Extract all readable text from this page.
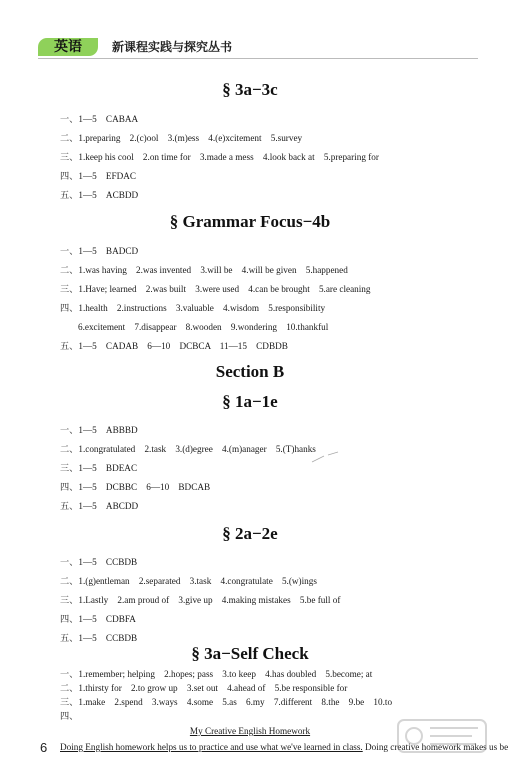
英语	新课程实践与探究丛书
§ 3a−3c
一、1—5　CABAA
二、1.preparing　2.(c)ool　3.(m)ess　4.(e)xcitement　5.survey
三、1.keep his cool　2.on time for　3.made a mess　4.look back at　5.preparing for
四、1—5　EFDAC
五、1—5　ACBDD
§ Grammar Focus−4b
一、1—5　BADCD
二、1.was having　2.was invented　3.will be　4.will be given　5.happened
三、1.Have; learned　2.was built　3.were used　4.can be brought　5.are cleaning
四、1.health　2.instructions　3.valuable　4.wisdom　5.responsibility
6.excitement　7.disappear　8.wooden　9.wondering　10.thankful
五、1—5　CADAB　6—10　DCBCA　11—15　CDBDB
Section B
§ 1a−1e
一、1—5　ABBBD
二、1.congratulated　2.task　3.(d)egree　4.(m)anager　5.(T)hanks
三、1—5　BDEAC
四、1—5　DCBBC　6—10　BDCAB
五、1—5　ABCDD
§ 2a−2e
一、1—5　CCBDB
二、1.(g)entleman　2.separated　3.task　4.congratulate　5.(w)ings
三、1.Lastly　2.am proud of　3.give up　4.making mistakes　5.be full of
四、1—5　CDBFA
五、1—5　CCBDB
§ 3a−Self Check
一、1.remember; helping　2.hopes; pass　3.to keep　4.has doubled　5.become; at
二、1.thirsty for　2.to grow up　3.set out　4.ahead of　5.be responsible for
三、1.make　2.spend　3.ways　4.some　5.as　6.my　7.different　8.the　9.be　10.to
四、
My Creative English Homework
Doing English homework helps us to practice and use what we've learned in class. Doing creative homework makes us be
6
